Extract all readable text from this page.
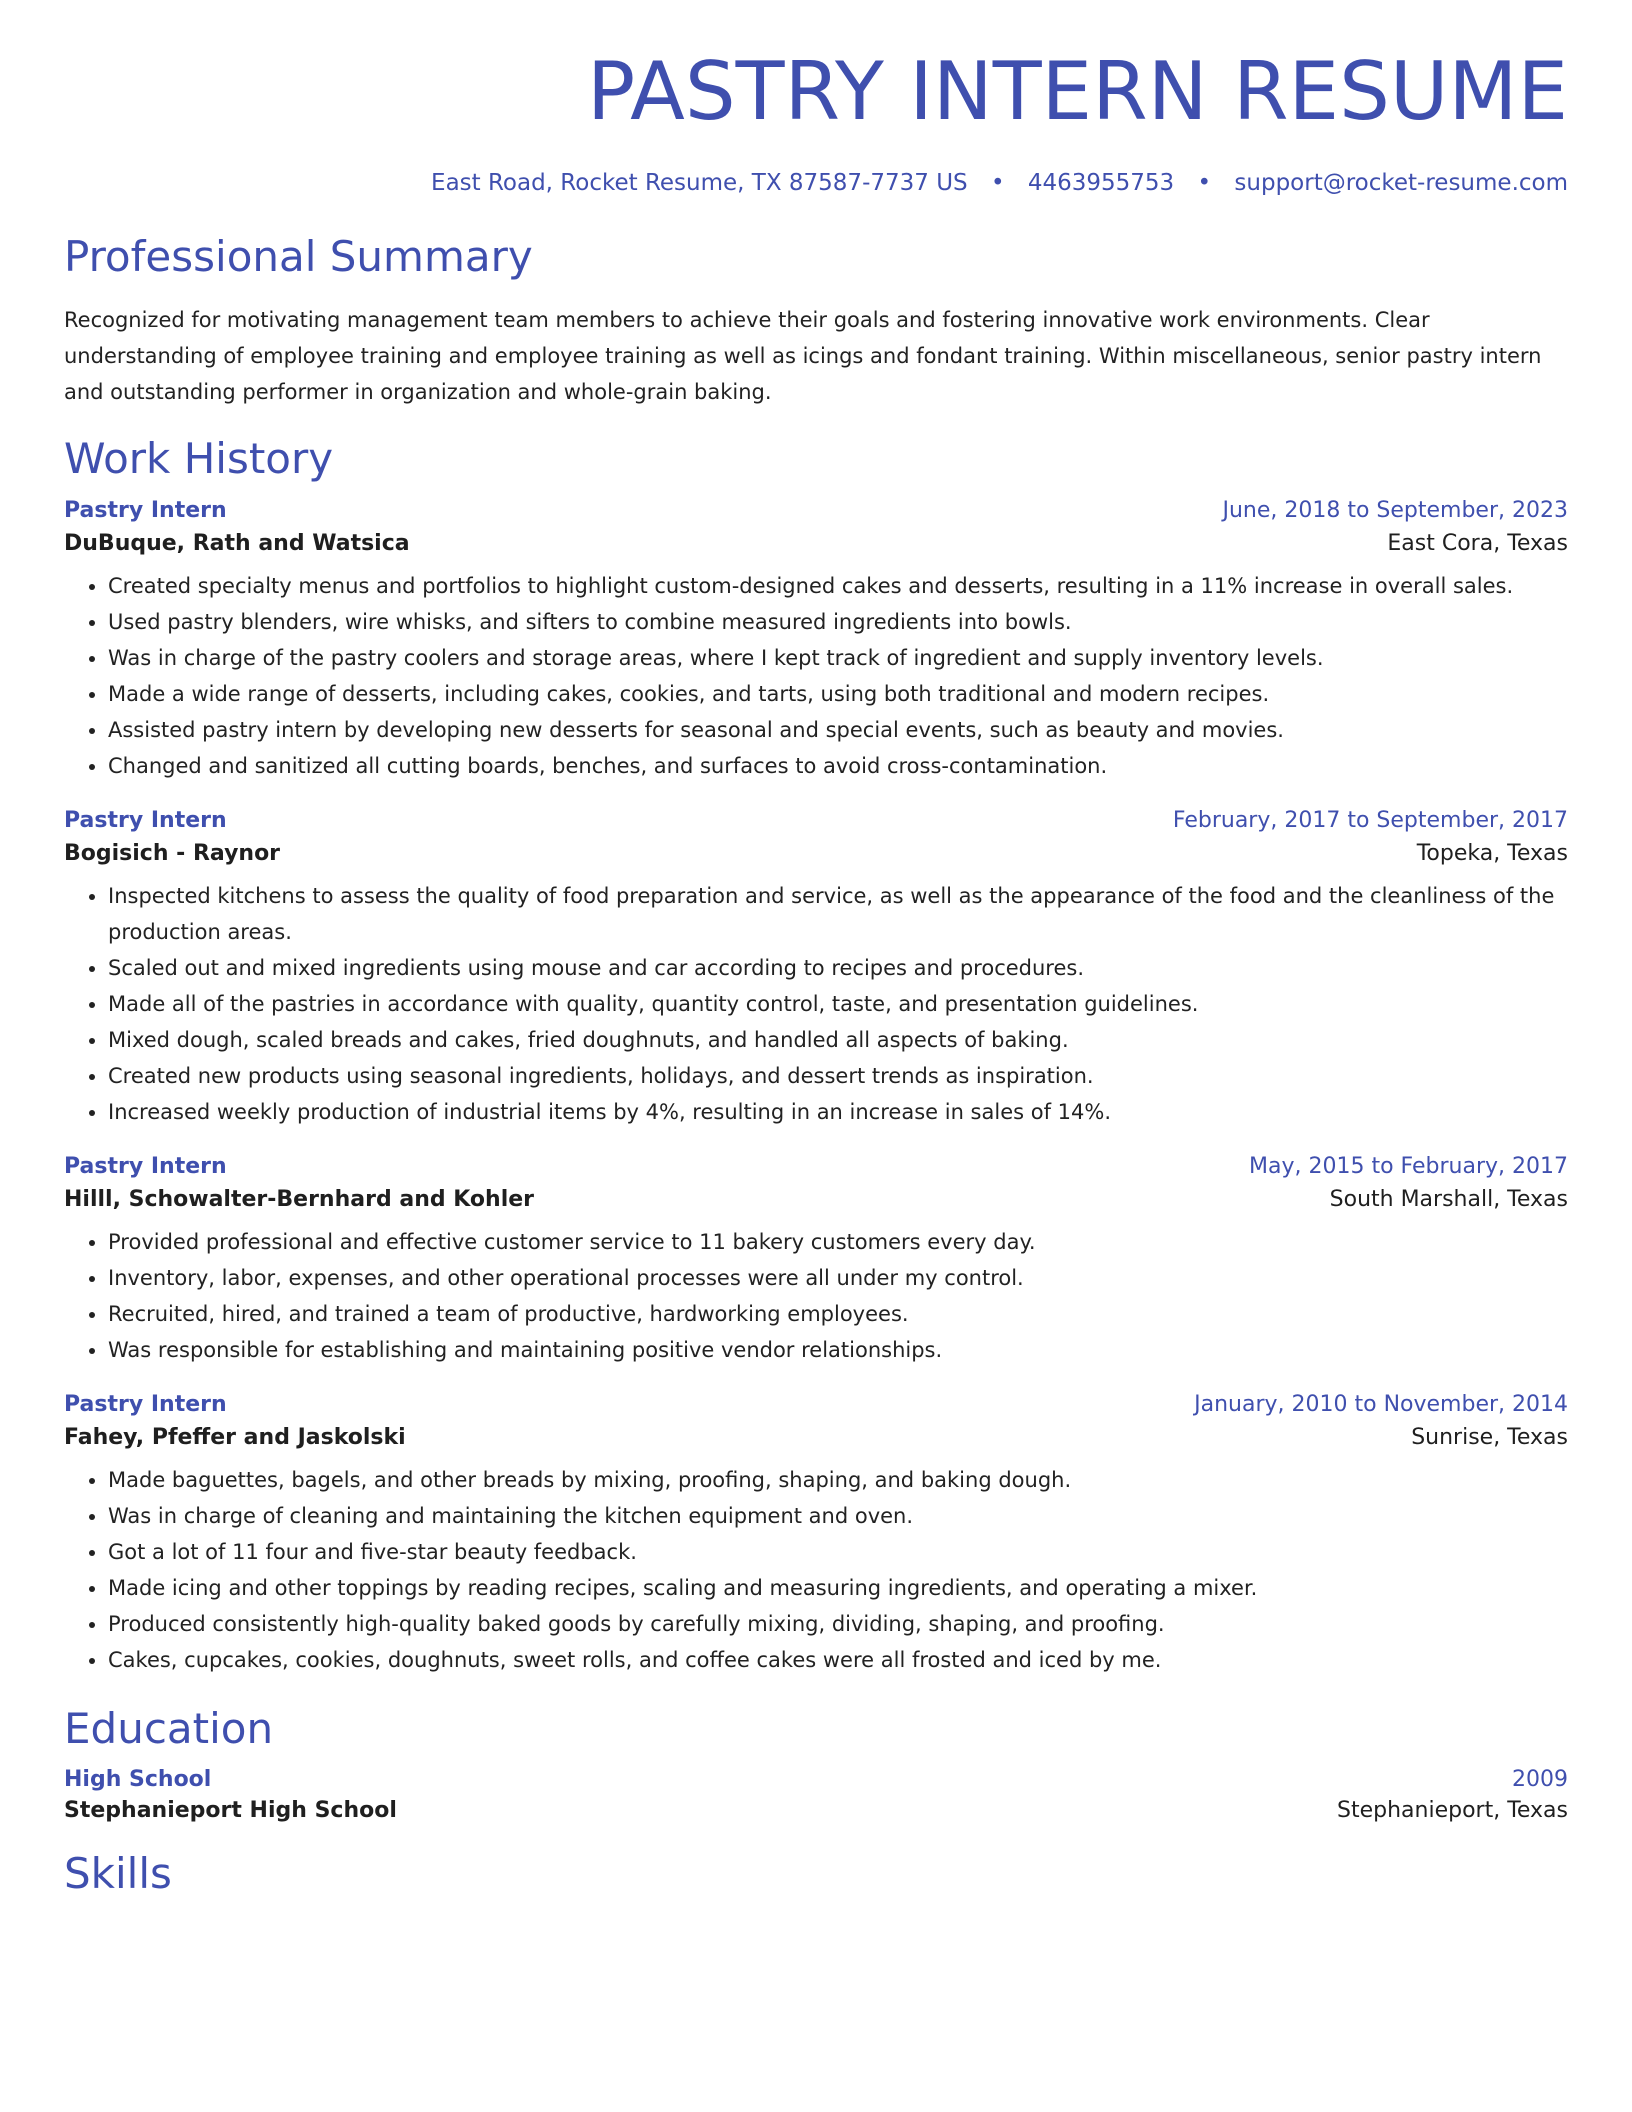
PASTRY INTERN RESUME
East Road, Rocket Resume, TX 87587-7737 US • 4463955753 • support@rocket-resume.com
Professional Summary
Recognized for motivating management team members to achieve their goals and fostering innovative work environments. Clear understanding of employee training and employee training as well as icings and fondant training. Within miscellaneous, senior pastry intern and outstanding performer in organization and whole-grain baking.
Work History
Pastry Intern	June, 2018 to September, 2023
DuBuque, Rath and Watsica	East Cora, Texas
• Created specialty menus and portfolios to highlight custom-designed cakes and desserts, resulting in a 11% increase in overall sales.
• Used pastry blenders, wire whisks, and sifters to combine measured ingredients into bowls.
• Was in charge of the pastry coolers and storage areas, where I kept track of ingredient and supply inventory levels.
• Made a wide range of desserts, including cakes, cookies, and tarts, using both traditional and modern recipes.
• Assisted pastry intern by developing new desserts for seasonal and special events, such as beauty and movies.
• Changed and sanitized all cutting boards, benches, and surfaces to avoid cross-contamination.
Pastry Intern	February, 2017 to September, 2017
Bogisich - Raynor	Topeka, Texas
• Inspected kitchens to assess the quality of food preparation and service, as well as the appearance of the food and the cleanliness of the production areas.
• Scaled out and mixed ingredients using mouse and car according to recipes and procedures.
• Made all of the pastries in accordance with quality, quantity control, taste, and presentation guidelines.
• Mixed dough, scaled breads and cakes, fried doughnuts, and handled all aspects of baking.
• Created new products using seasonal ingredients, holidays, and dessert trends as inspiration.
• Increased weekly production of industrial items by 4%, resulting in an increase in sales of 14%.
Pastry Intern	May, 2015 to February, 2017
Hilll, Schowalter-Bernhard and Kohler	South Marshall, Texas
• Provided professional and effective customer service to 11 bakery customers every day.
• Inventory, labor, expenses, and other operational processes were all under my control.
• Recruited, hired, and trained a team of productive, hardworking employees.
• Was responsible for establishing and maintaining positive vendor relationships.
Pastry Intern	January, 2010 to November, 2014
Fahey, Pfeffer and Jaskolski	Sunrise, Texas
• Made baguettes, bagels, and other breads by mixing, proofing, shaping, and baking dough.
• Was in charge of cleaning and maintaining the kitchen equipment and oven.
• Got a lot of 11 four and five-star beauty feedback.
• Made icing and other toppings by reading recipes, scaling and measuring ingredients, and operating a mixer.
• Produced consistently high-quality baked goods by carefully mixing, dividing, shaping, and proofing.
• Cakes, cupcakes, cookies, doughnuts, sweet rolls, and coffee cakes were all frosted and iced by me.
Education
High School	2009
Stephanieport High School	Stephanieport, Texas
Skills
